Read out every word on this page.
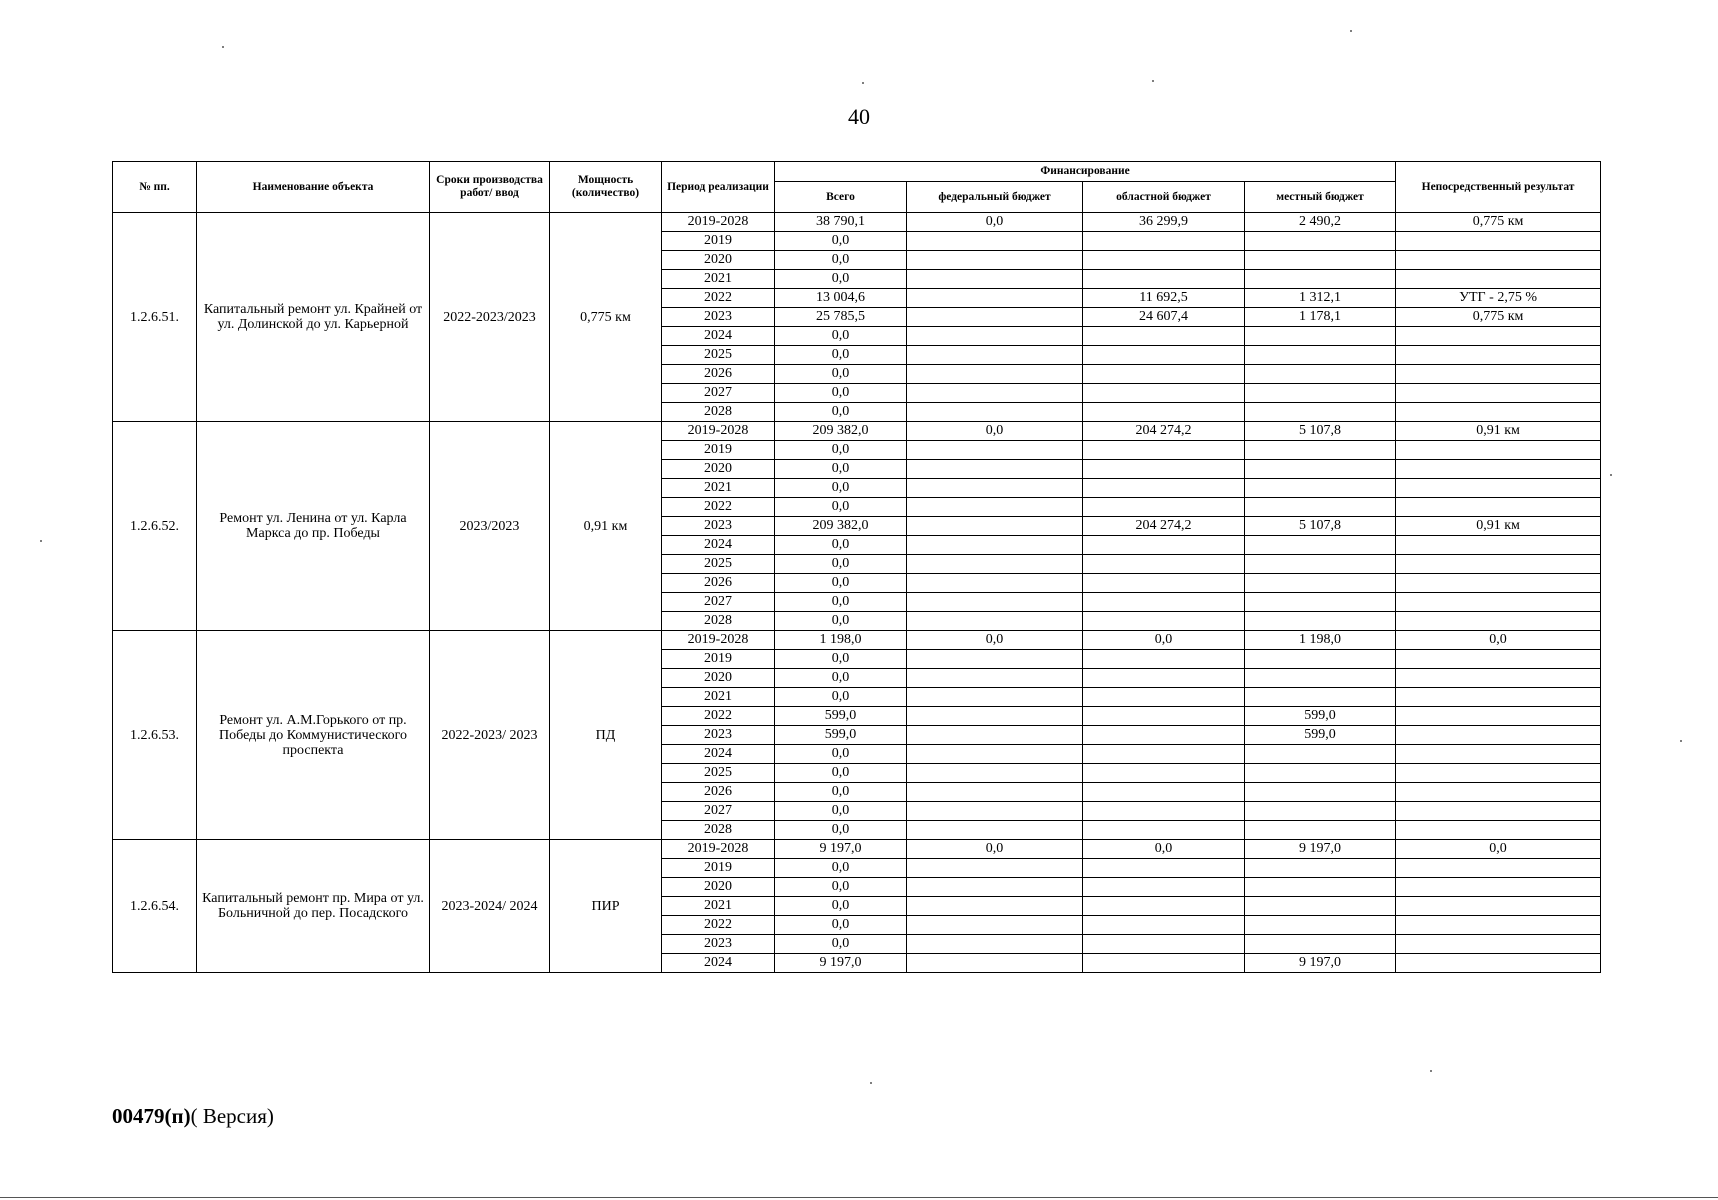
40
№ пп.	Наименование объекта	Сроки производства работ/ ввод	Мощность (количество)	Период реализации	Финансирование				Непосредственный результат
					Всего	федеральный бюджет	областной бюджет	местный бюджет	
1.2.6.51.	Капитальный ремонт ул. Крайней от ул. Долинской до ул. Карьерной	2022-2023/2023	0,775 км	2019-2028	38 790,1	0,0	36 299,9	2 490,2	0,775 км
				2019	0,0				
				2020	0,0				
				2021	0,0				
				2022	13 004,6		11 692,5	1 312,1	УТГ - 2,75 %
				2023	25 785,5		24 607,4	1 178,1	0,775 км
				2024	0,0				
				2025	0,0				
				2026	0,0				
				2027	0,0				
				2028	0,0				
1.2.6.52.	Ремонт ул. Ленина от ул. Карла Маркса до пр. Победы	2023/2023	0,91 км	2019-2028	209 382,0	0,0	204 274,2	5 107,8	0,91 км
				2019	0,0				
				2020	0,0				
				2021	0,0				
				2022	0,0				
				2023	209 382,0		204 274,2	5 107,8	0,91 км
				2024	0,0				
				2025	0,0				
				2026	0,0				
				2027	0,0				
				2028	0,0				
1.2.6.53.	Ремонт ул. А.М.Горького от пр. Победы до Коммунистического проспекта	2022-2023/ 2023	ПД	2019-2028	1 198,0	0,0	0,0	1 198,0	0,0
				2019	0,0				
				2020	0,0				
				2021	0,0				
				2022	599,0			599,0	
				2023	599,0			599,0	
				2024	0,0				
				2025	0,0				
				2026	0,0				
				2027	0,0				
				2028	0,0				
1.2.6.54.	Капитальный ремонт пр. Мира от ул. Больничной до пер. Посадского	2023-2024/ 2024	ПИР	2019-2028	9 197,0	0,0	0,0	9 197,0	0,0
				2019	0,0				
				2020	0,0				
				2021	0,0				
				2022	0,0				
				2023	0,0				
				2024	9 197,0			9 197,0	
00479(п)( Версия)
